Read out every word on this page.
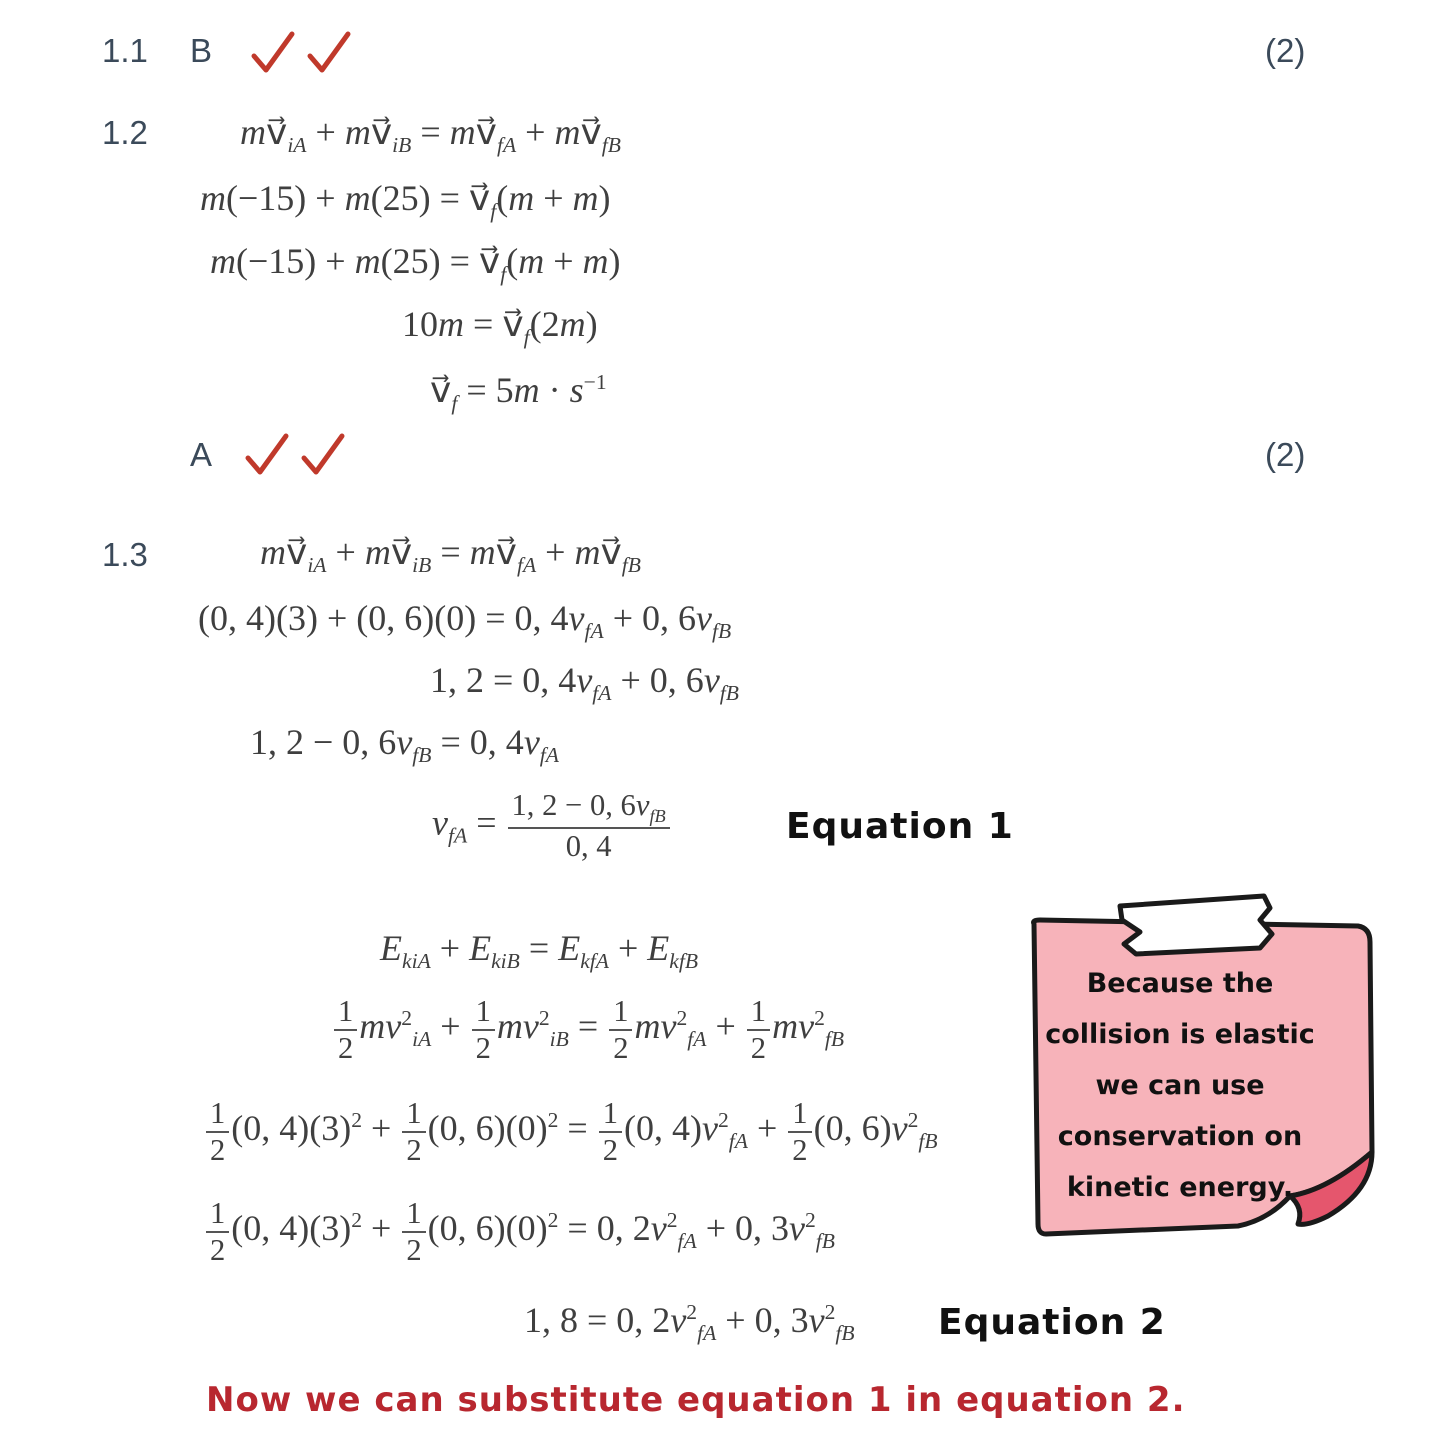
1.1 B	(2)
1.2	$mv⃗_{iA}$ + $mv⃗_{iB}$ = $mv⃗_{fA}$ + $mv⃗_{fB}$
$m(-15) + m(25) = v⃗_f(m + m)$
$m(-15) + m(25) = v⃗_f(m + m)$
$10m = v⃗_f(2m)$
$v⃗_f = 5m \cdot s^{-1}$
A	(2)
1.3	$mv⃗_{iA}$ + $mv⃗_{iB}$ = $mv⃗_{fA}$ + $mv⃗_{fB}$
(0, 4)(3) + (0, 6)(0) = 0, $4v_{fA} + 0$, $6v_{fB}$
1, 2 = 0, $4v_{fA} + 0$, $6v_{fB}$
1, 2 − 0, $6v_{fB} = 0$, $4v_{fA}$
$v_{fA} = \frac{1, 2 - 0, 6v_{fB}}{0, 4}$	Equation 1
$E_{kiA} + E_{kiB} = E_{kfA} + E_{kfB}$
$\frac{1}{2} mv^2_{iA} + \frac{1}{2} mv^2_{iB} = \frac{1}{2} mv^2_{fA} + \frac{1}{2} mv^2_{fB}$
$\frac{1}{2} (0$, $4)(3)^2 + \frac{1}{2} (0$, $6)(0)^2 = \frac{1}{2} (0$, $4)v^2_{fA} + \frac{1}{2} (0$, $6)v^2_{fB}$
$\frac{1}{2} (0$, $4)(3)^2 + \frac{1}{2} (0$, $6)(0)^2 = 0$, $2v^2_{fA} + 0$, $3v^2_{fB}$
1, 8 = 0, $2v^2_{fA} + 0$, $3v^2_{fB}$ Equation 2
Now we can substitute equation 1 in equation 2.
Because the
collision is elastic
we can use
conservation on
kinetic energy.
